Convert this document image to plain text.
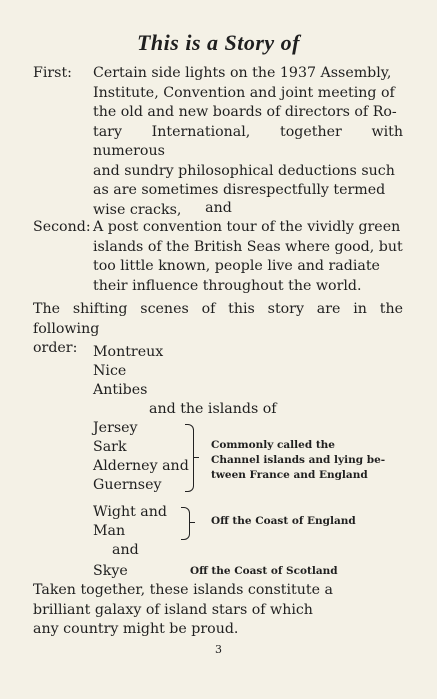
This is a Story of
First: Certain side lights on the 1937 Assembly,
Institute, Convention and joint meeting of
the old and new boards of directors of Ro-
tary International, together with numerous
and sundry philosophical deductions such
as are sometimes disrespectfully termed
wise cracks,	and
Second: A post convention tour of the vividly green
islands of the British Seas where good, but
too little known, people live and radiate
their influence throughout the world.
The shifting scenes of this story are in the following
order:	Montreux
Nice
Antibes
and the islands of
Jersey
Sark
Alderney and
Guernsey
Commonly called the
Channel islands and lying be-
tween France and England
Wight and
Man
Off the Coast of England
and
Skye	Off the Coast of Scotland
Taken together, these islands constitute a
brilliant galaxy of island stars of which
any country might be proud.
3
